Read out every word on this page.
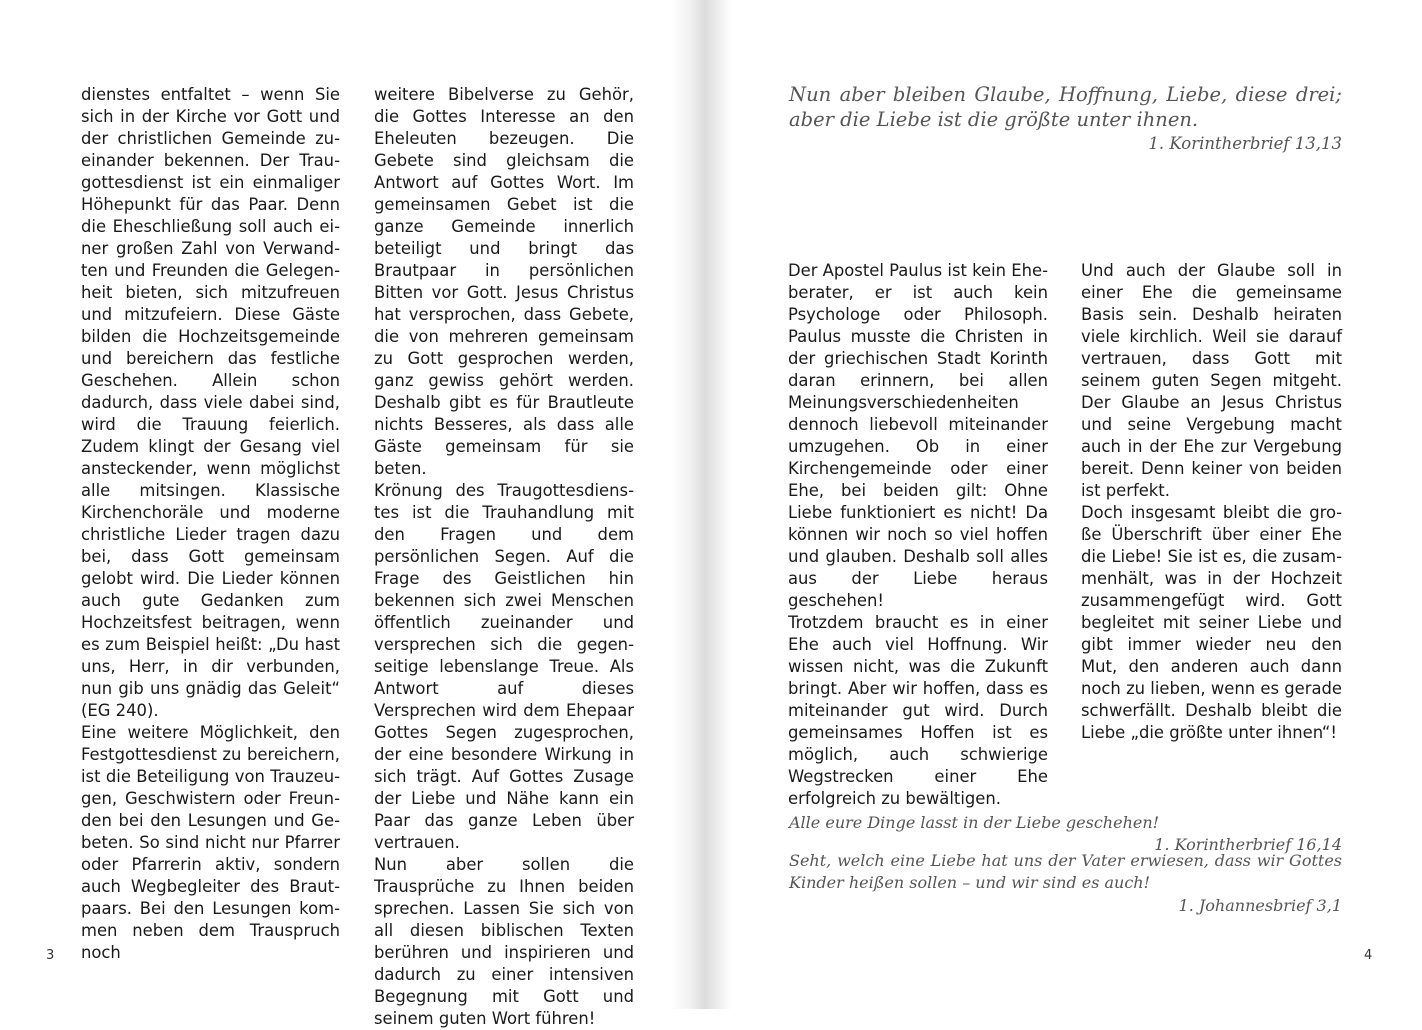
dienstes entfaltet – wenn Sie sich in der Kirche vor Gott und der christlichen Gemeinde zueinander bekennen. Der Traugottesdienst ist ein einmaliger Höhepunkt für das Paar. Denn die Eheschließung soll auch einer großen Zahl von Verwandten und Freunden die Gelegenheit bieten, sich mitzufreuen und mitzufeiern. Diese Gäste bilden die Hochzeitsgemeinde und bereichern das festliche Geschehen. Allein schon dadurch, dass viele dabei sind, wird die Trauung feierlich. Zudem klingt der Gesang viel ansteckender, wenn möglichst alle mitsingen. Klassische Kirchenchoräle und moderne christliche Lieder tragen dazu bei, dass Gott gemeinsam gelobt wird. Die Lieder können auch gute Gedanken zum Hochzeitsfest beitragen, wenn es zum Beispiel heißt: „Du hast uns, Herr, in dir verbunden, nun gib uns gnädig das Geleit“ (EG 240).

Eine weitere Möglichkeit, den Festgottesdienst zu bereichern, ist die Beteiligung von Trauzeugen, Geschwistern oder Freunden bei den Lesungen und Gebeten. So sind nicht nur Pfarrer oder Pfarrerin aktiv, sondern auch Wegbegleiter des Brautpaars. Bei den Lesungen kommen neben dem Trauspruch noch

weitere Bibelverse zu Gehör, die Gottes Interesse an den Eheleuten bezeugen. Die Gebete sind gleichsam die Antwort auf Gottes Wort. Im gemeinsamen Gebet ist die ganze Gemeinde innerlich beteiligt und bringt das Brautpaar in persönlichen Bitten vor Gott. Jesus Christus hat versprochen, dass Gebete, die von mehreren gemeinsam zu Gott gesprochen werden, ganz gewiss gehört werden. Deshalb gibt es für Brautleute nichts Besseres, als dass alle Gäste gemeinsam für sie beten.

Krönung des Traugottesdienstes ist die Trauhandlung mit den Fragen und dem persönlichen Segen. Auf die Frage des Geistlichen hin bekennen sich zwei Menschen öffentlich zueinander und versprechen sich die gegenseitige lebenslange Treue. Als Antwort auf dieses Versprechen wird dem Ehepaar Gottes Segen zugesprochen, der eine besondere Wirkung in sich trägt. Auf Gottes Zusage der Liebe und Nähe kann ein Paar das ganze Leben über vertrauen.

Nun aber sollen die Trausprüche zu Ihnen beiden sprechen. Lassen Sie sich von all diesen biblischen Texten berühren und inspirieren und dadurch zu einer intensiven Begegnung mit Gott und seinem guten Wort führen!

3
Nun aber bleiben Glaube, Hoffnung, Liebe, diese drei; aber die Liebe ist die größte unter ihnen.
1. Korintherbrief 13,13

Der Apostel Paulus ist kein Eheberater, er ist auch kein Psychologe oder Philosoph. Paulus musste die Christen in der griechischen Stadt Korinth daran erinnern, bei allen Meinungsverschiedenheiten dennoch liebevoll miteinander umzugehen. Ob in einer Kirchengemeinde oder einer Ehe, bei beiden gilt: Ohne Liebe funktioniert es nicht! Da können wir noch so viel hoffen und glauben. Deshalb soll alles aus der Liebe heraus geschehen!

Trotzdem braucht es in einer Ehe auch viel Hoffnung. Wir wissen nicht, was die Zukunft bringt. Aber wir hoffen, dass es miteinander gut wird. Durch gemeinsames Hoffen ist es möglich, auch schwierige Wegstrecken einer Ehe erfolgreich zu bewältigen.

Und auch der Glaube soll in einer Ehe die gemeinsame Basis sein. Deshalb heiraten viele kirchlich. Weil sie darauf vertrauen, dass Gott mit seinem guten Segen mitgeht. Der Glaube an Jesus Christus und seine Vergebung macht auch in der Ehe zur Vergebung bereit. Denn keiner von beiden ist perfekt.

Doch insgesamt bleibt die große Überschrift über einer Ehe die Liebe! Sie ist es, die zusammenhält, was in der Hochzeit zusammengefügt wird. Gott begleitet mit seiner Liebe und gibt immer wieder neu den Mut, den anderen auch dann noch zu lieben, wenn es gerade schwerfällt. Deshalb bleibt die Liebe „die größte unter ihnen“!

Alle eure Dinge lasst in der Liebe geschehen!
1. Korintherbrief 16,14
Seht, welch eine Liebe hat uns der Vater erwiesen, dass wir Gottes Kinder heißen sollen – und wir sind es auch!
1. Johannesbrief 3,1
4
